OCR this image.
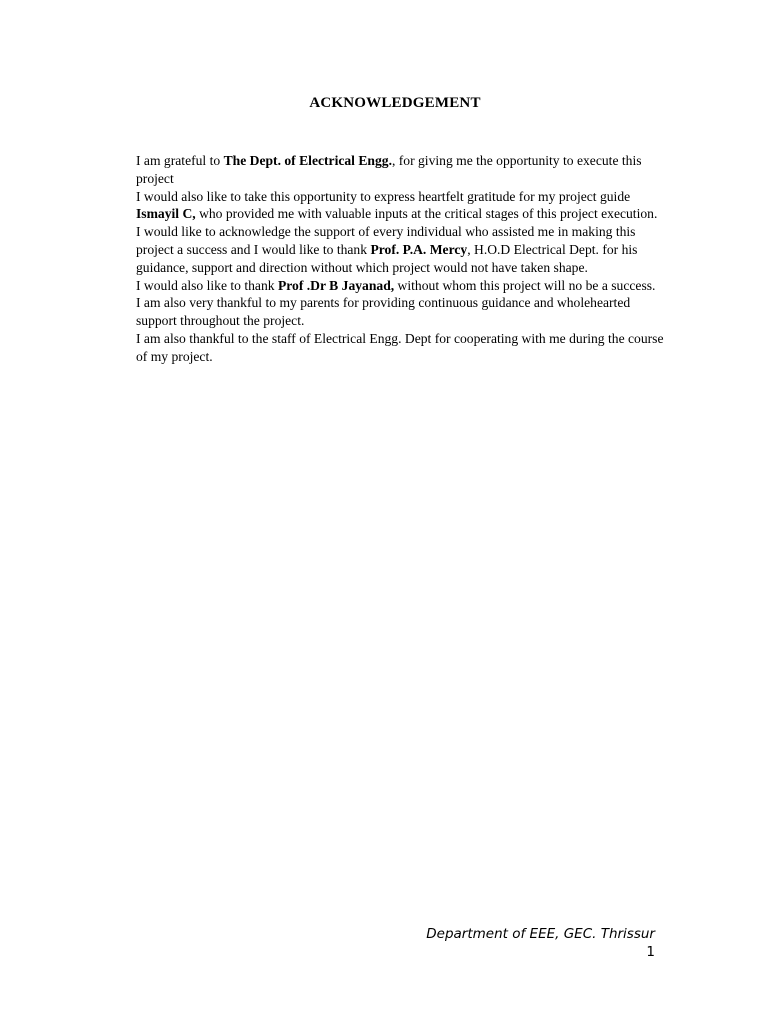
ACKNOWLEDGEMENT

I am grateful to The Dept. of Electrical Engg., for giving me the opportunity to execute this project

I would also like to take this opportunity to express heartfelt gratitude for my project guide Ismayil C, who provided me with valuable inputs at the critical stages of this project execution.

I would like to acknowledge the support of every individual who assisted me in making this project a success and I would like to thank Prof. P.A. Mercy, H.O.D Electrical Dept. for his guidance, support and direction without which project would not have taken shape.

I would also like to thank Prof .Dr B Jayanad, without whom this project will no be a success.

I am also very thankful to my parents for providing continuous guidance and wholehearted support throughout the project.

I am also thankful to the staff of Electrical Engg. Dept for cooperating with me during the course of my project.

Department of EEE, GEC. Thrissur
1
